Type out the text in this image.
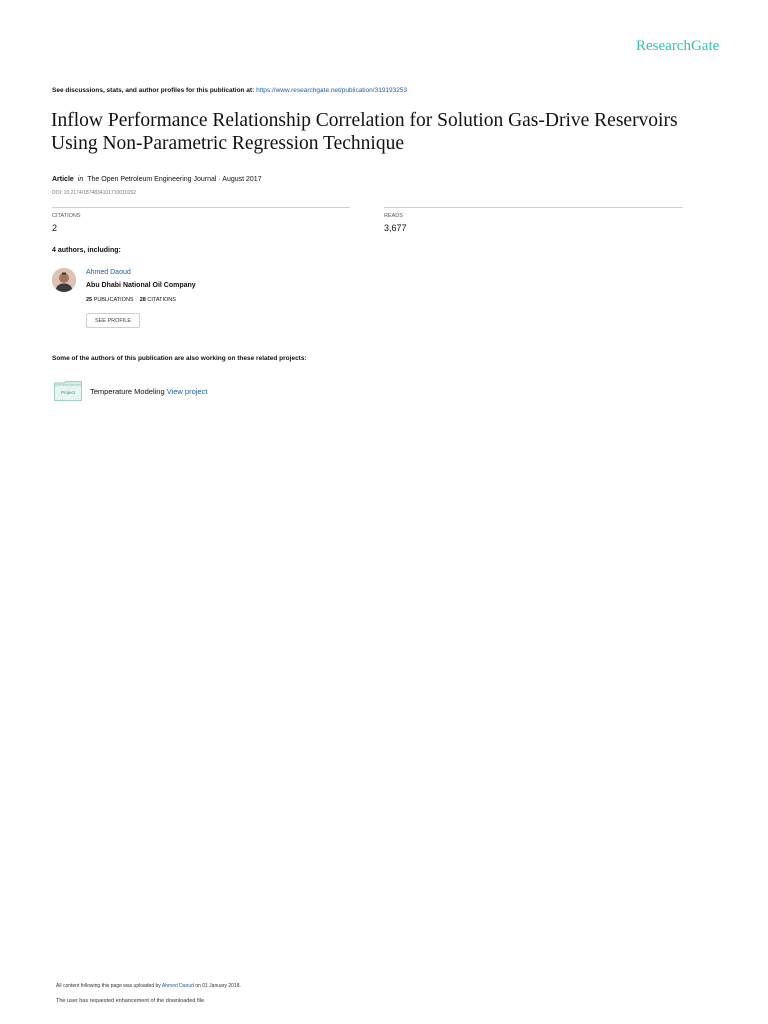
ResearchGate
See discussions, stats, and author profiles for this publication at: https://www.researchgate.net/publication/319193253
Inflow Performance Relationship Correlation for Solution Gas-Drive Reservoirs Using Non-Parametric Regression Technique
Article in The Open Petroleum Engineering Journal · August 2017
DOI: 10.2174/1874834101710010152
CITATIONS
2
READS
3,677
4 authors, including:
Ahmed Daoud
Abu Dhabi National Oil Company
25 PUBLICATIONS 28 CITATIONS
SEE PROFILE
Some of the authors of this publication are also working on these related projects:
Project	Temperature Modeling View project
All content following this page was uploaded by Ahmed Daoud on 01 January 2018.
The user has requested enhancement of the downloaded file.
